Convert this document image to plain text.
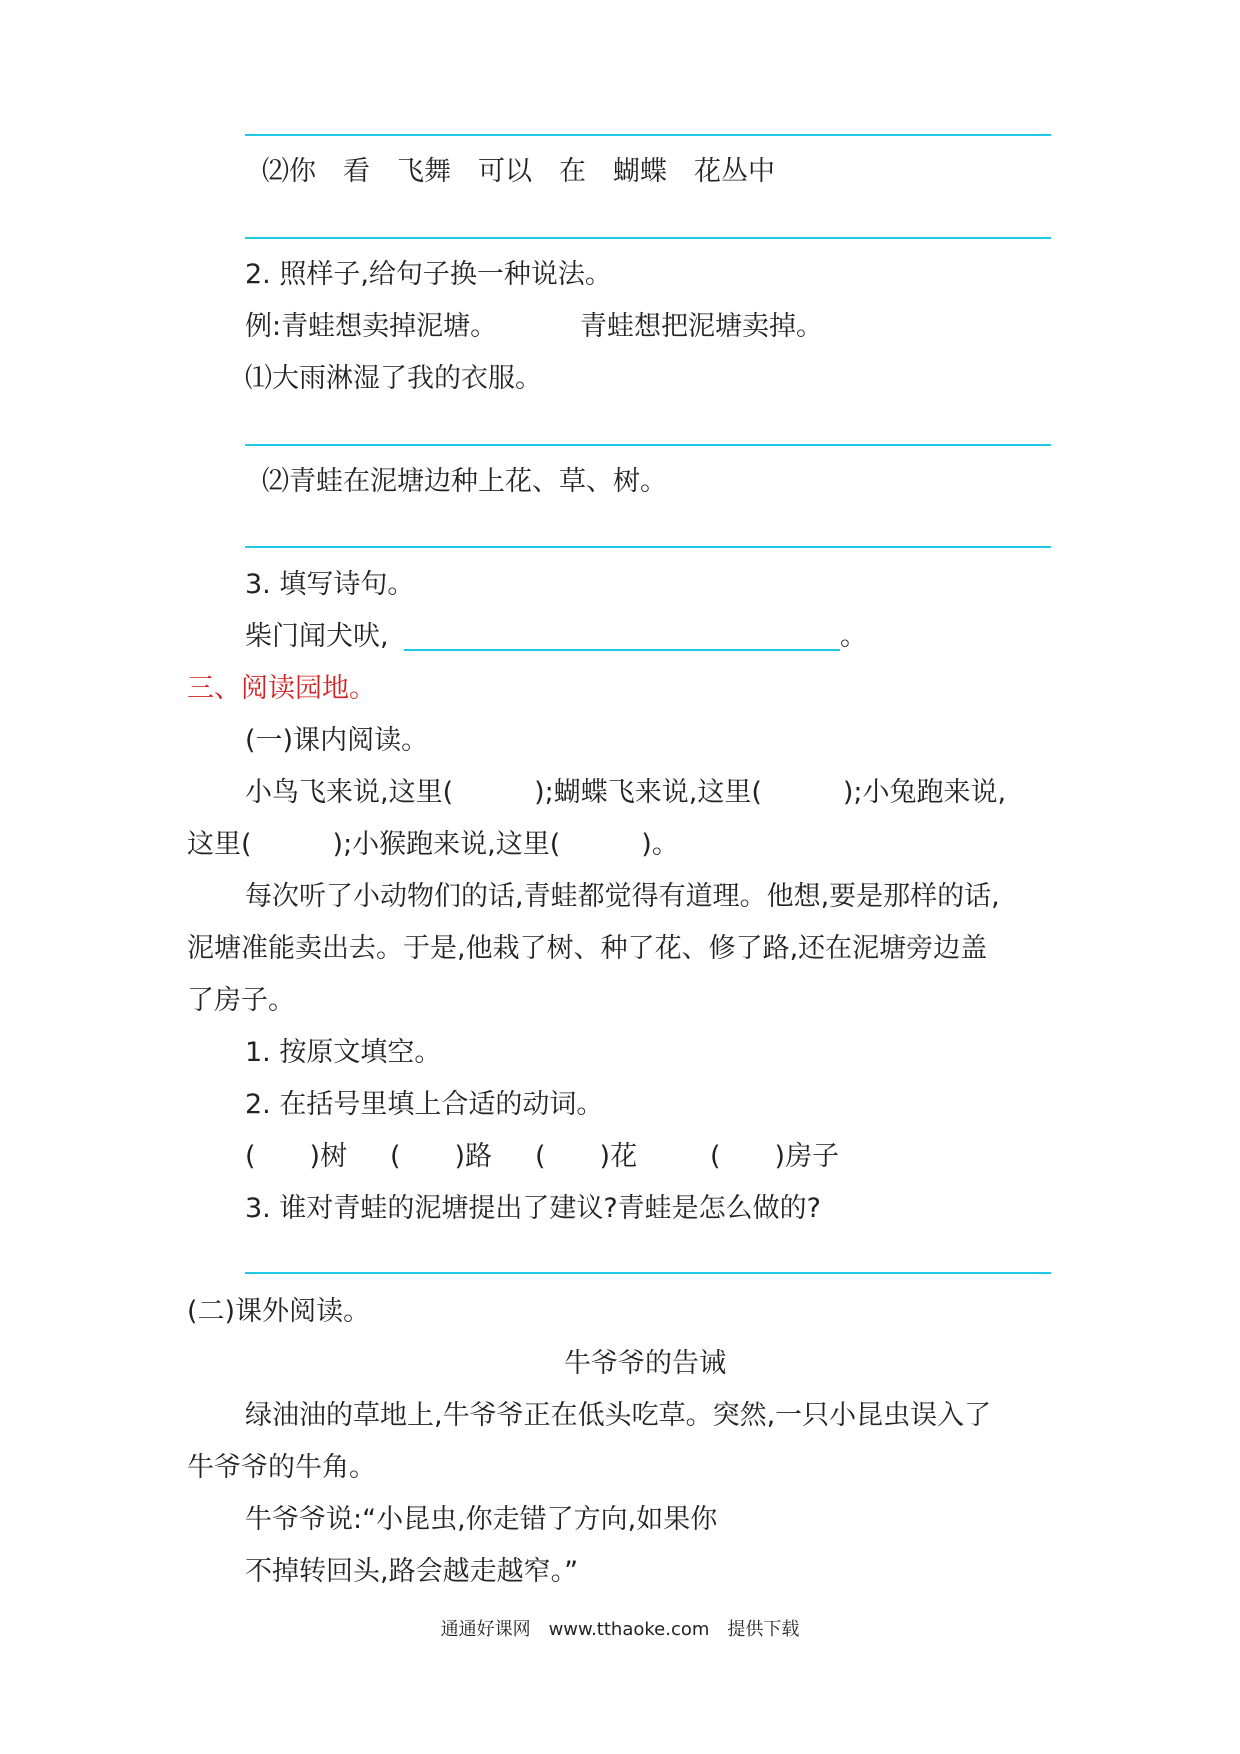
⑵你　看　飞舞　可以　在　蝴蝶　花丛中
2. 照样子,给句子换一种说法。
例:青蛙想卖掉泥塘。	青蛙想把泥塘卖掉。
⑴大雨淋湿了我的衣服。
⑵青蛙在泥塘边种上花、草、树。
3. 填写诗句。
柴门闻犬吠,	。
三、阅读园地。
(一)课内阅读。
小鸟飞来说,这里(　　　);蝴蝶飞来说,这里(　　　);小兔跑来说,
这里(　　　);小猴跑来说,这里(　　　)。
每次听了小动物们的话,青蛙都觉得有道理。他想,要是那样的话,
泥塘准能卖出去。于是,他栽了树、种了花、修了路,还在泥塘旁边盖
了房子。
1. 按原文填空。
2. 在括号里填上合适的动词。
(　　)树 (　　)路 (　　)花	(　　)房子
3. 谁对青蛙的泥塘提出了建议?青蛙是怎么做的?
(二)课外阅读。
牛爷爷的告诫
绿油油的草地上,牛爷爷正在低头吃草。突然,一只小昆虫误入了
牛爷爷的牛角。
牛爷爷说:“小昆虫,你走错了方向,如果你
不掉转回头,路会越走越窄。”
通通好课网　www.tthaoke.com　提供下载
